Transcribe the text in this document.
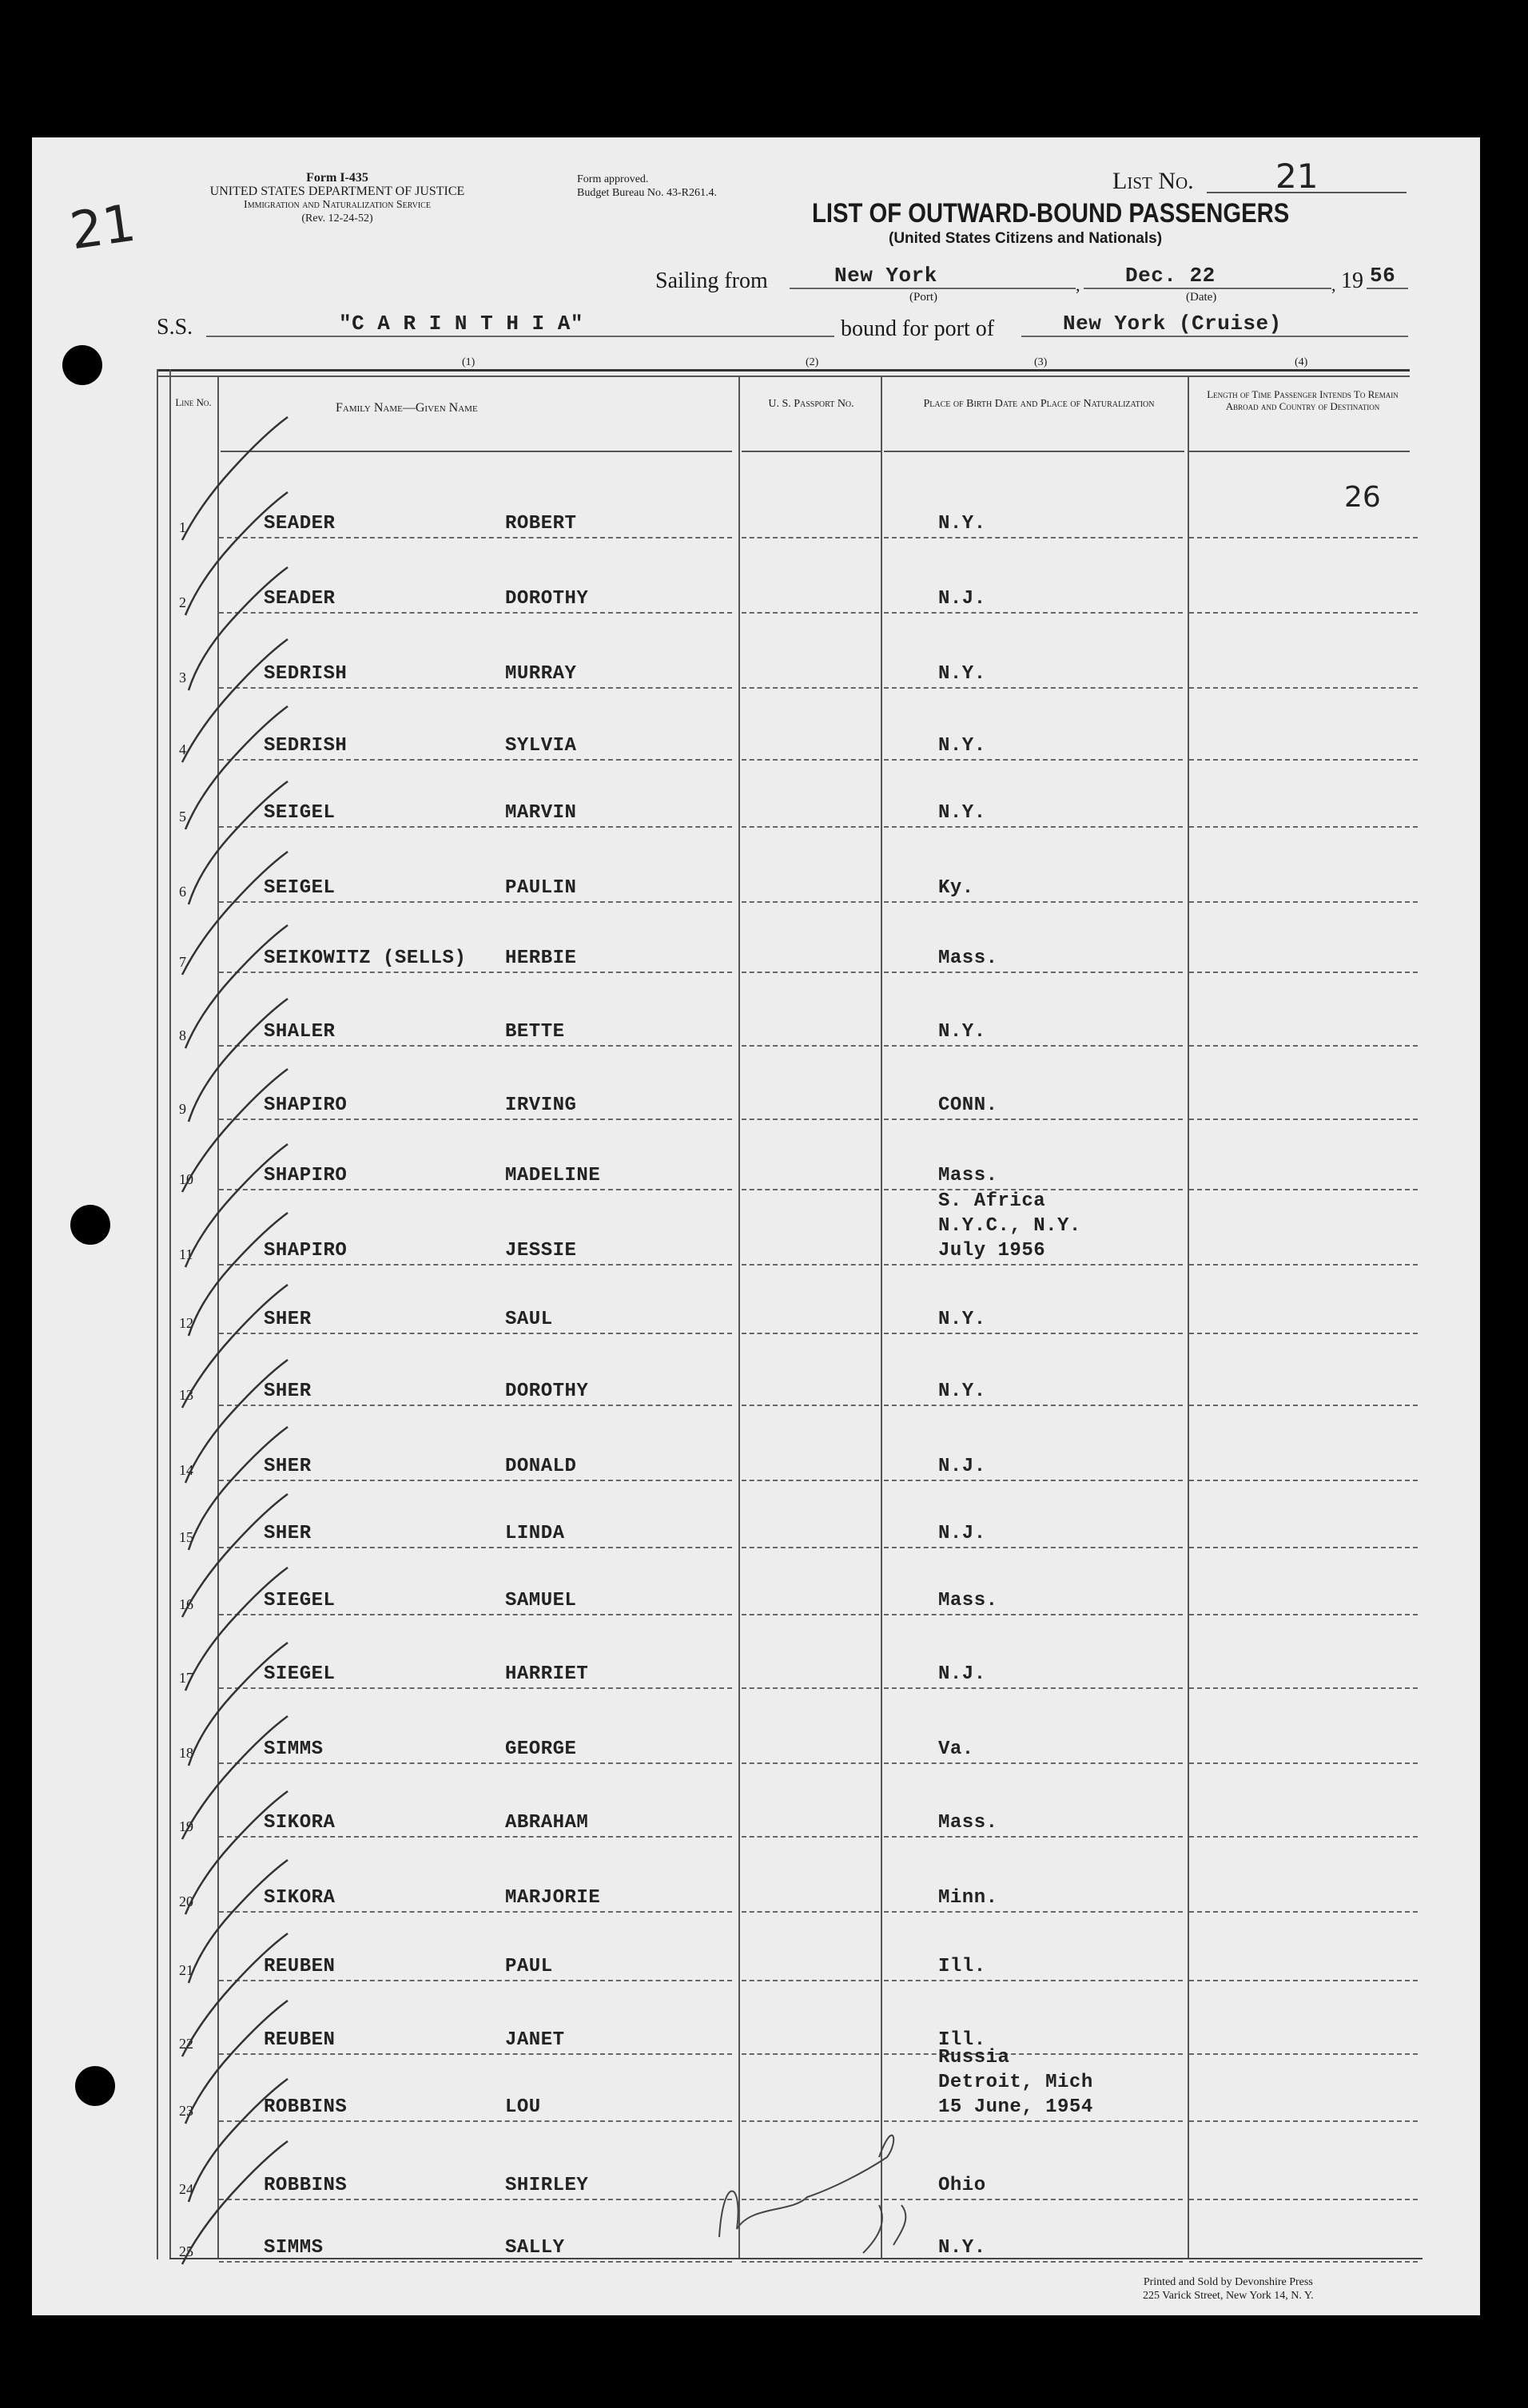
21
Form I-435
UNITED STATES DEPARTMENT OF JUSTICE
Immigration and Naturalization Service
(Rev. 12-24-52)
Form approved.
Budget Bureau No. 43-R261.4.	List No. 21
LIST OF OUTWARD-BOUND PASSENGERS
(United States Citizens and Nationals)
Sailing from	New York
(Port)
, Dec. 22
(Date)
, 19 56
S.S.	"C A R I N T H I A"	bound for port of	New York (Cruise)
(1)	(2)	(3)	(4)
Line No.	Family Name—Given Name	U. S. Passport No.	Place of Birth Date and Place of Naturalization
Length of Time Passenger Intends To Remain Abroad and Country of Destination
1	SEADER	ROBERT	N.Y.
26
2	SEADER	DOROTHY	N.J.
3	SEDRISH	MURRAY	N.Y.
4	SEDRISH	SYLVIA	N.Y.
5	SEIGEL	MARVIN	N.Y.
6	SEIGEL	PAULIN	Ky.
7	SEIKOWITZ (SELLS) HERBIE	Mass.
8	SHALER	BETTE	N.Y.
9	SHAPIRO	IRVING	CONN.
10	SHAPIRO	MADELINE	Mass.
11	SHAPIRO	JESSIE
S. Africa
N.Y.C., N.Y.
July 1956
12	SHER	SAUL	N.Y.
13	SHER	DOROTHY	N.Y.
14	SHER	DONALD	N.J.
15	SHER	LINDA	N.J.
16	SIEGEL	SAMUEL	Mass.
17	SIEGEL	HARRIET	N.J.
18	SIMMS	GEORGE	Va.
19	SIKORA	ABRAHAM	Mass.
20	SIKORA	MARJORIE	Minn.
21	REUBEN	PAUL	Ill.
22	REUBEN	JANET	Ill.
23	ROBBINS	LOU
Russia
Detroit, Mich
15 June, 1954
24	ROBBINS	SHIRLEY	Ohio
25	SIMMS	SALLY	N.Y.
Printed and Sold by Devonshire Press
225 Varick Street, New York 14, N. Y.
